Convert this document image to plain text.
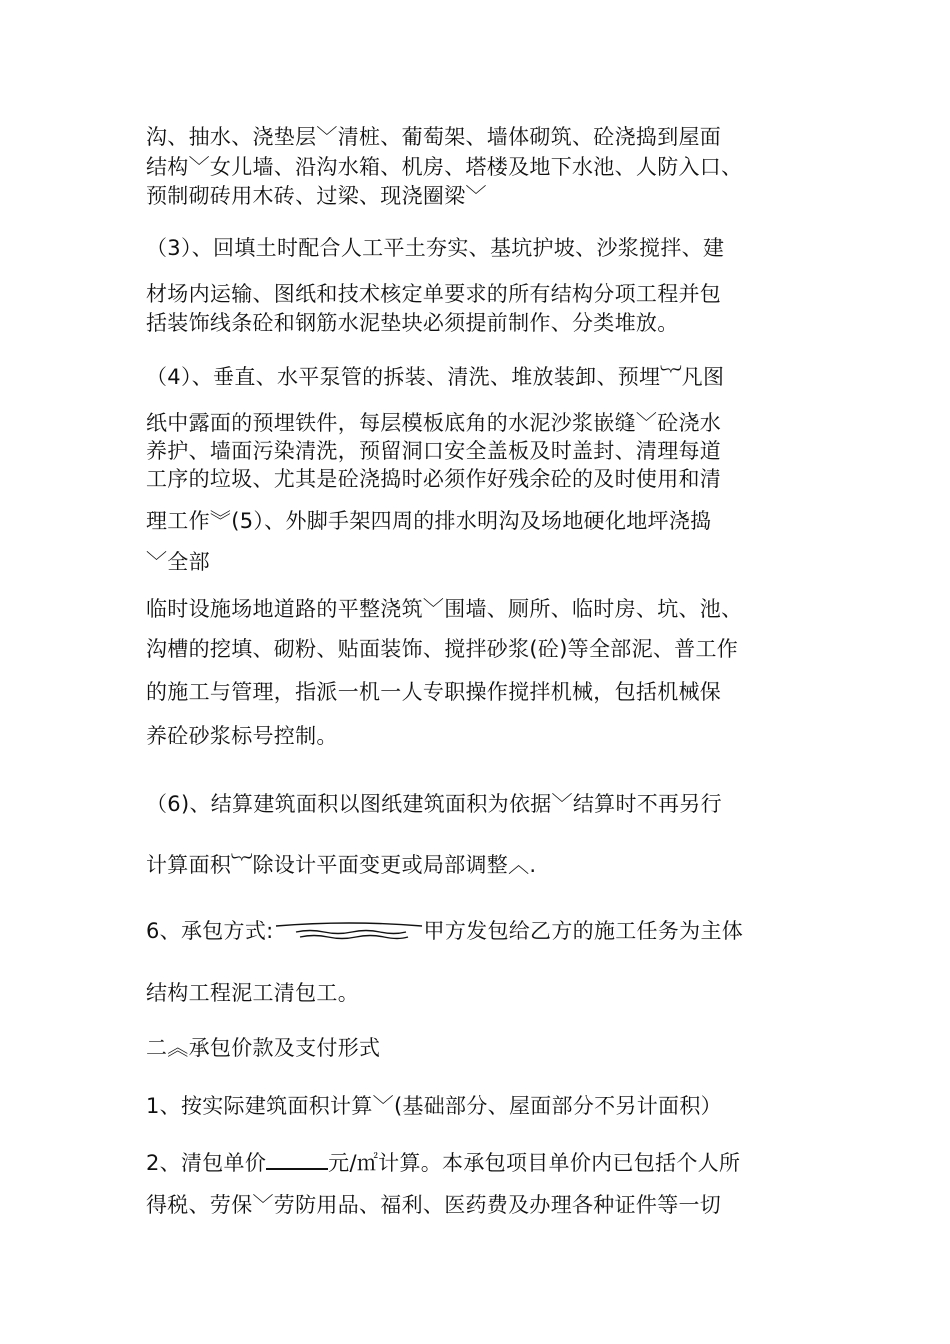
沟、抽水、浇垫层﹀清桩、葡萄架、墙体砌筑、砼浇捣到屋面
结构﹀女儿墙、沿沟水箱、机房、塔楼及地下水池、人防入口、
预制砌砖用木砖、过梁、现浇圈梁﹀
（3）、回填土时配合人工平土夯实、基坑护坡、沙浆搅拌、建
材场内运输、图纸和技术核定单要求的所有结构分项工程并包
括装饰线条砼和钢筋水泥垫块必须提前制作、分类堆放。
（4）、垂直、水平泵管的拆装、清洗、堆放装卸、预埋︸凡图
纸中露面的预埋铁件，每层模板底角的水泥沙浆嵌缝﹀砼浇水
养护、墙面污染清洗，预留洞口安全盖板及时盖封、清理每道
工序的垃圾、尤其是砼浇捣时必须作好残余砼的及时使用和清
理工作︾(5）、外脚手架四周的排水明沟及场地硬化地坪浇捣
﹀全部
临时设施场地道路的平整浇筑﹀围墙、厕所、临时房、坑、池、
沟槽的挖填、砌粉、贴面装饰、搅拌砂浆(砼)等全部泥、普工作
的施工与管理，指派一机一人专职操作搅拌机械，包括机械保
养砼砂浆标号控制。
（6)、结算建筑面积以图纸建筑面积为依据﹀结算时不再另行
计算面积︸除设计平面变更或局部调整︿.
6、承包方式:	甲方发包给乙方的施工任务为主体
结构工程泥工清包工。
二︽承包价款及支付形式
1、按实际建筑面积计算﹀(基础部分、屋面部分不另计面积）
2、清包单价	元/㎡计算。本承包项目单价内已包括个人所
得税、劳保﹀劳防用品、福利、医药费及办理各种证件等一切
